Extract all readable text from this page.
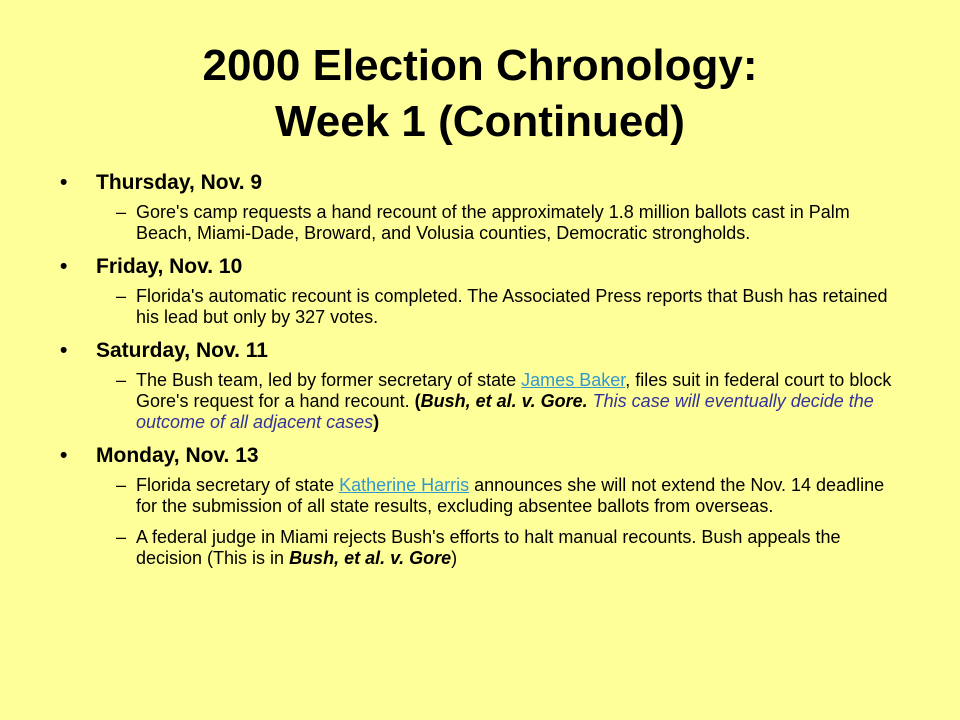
2000 Election Chronology:
Week 1 (Continued)
• Thursday, Nov. 9
– Gore's camp requests a hand recount of the approximately 1.8 million ballots cast in Palm Beach, Miami-Dade, Broward, and Volusia counties, Democratic strongholds.
• Friday, Nov. 10
– Florida's automatic recount is completed. The Associated Press reports that Bush has retained his lead but only by 327 votes.
• Saturday, Nov. 11
– The Bush team, led by former secretary of state James Baker, files suit in federal court to block Gore's request for a hand recount. (Bush, et al. v. Gore. This case will eventually decide the outcome of all adjacent cases)
• Monday, Nov. 13
– Florida secretary of state Katherine Harris announces she will not extend the Nov. 14 deadline for the submission of all state results, excluding absentee ballots from overseas.
– A federal judge in Miami rejects Bush's efforts to halt manual recounts. Bush appeals the decision (This is in Bush, et al. v. Gore)
